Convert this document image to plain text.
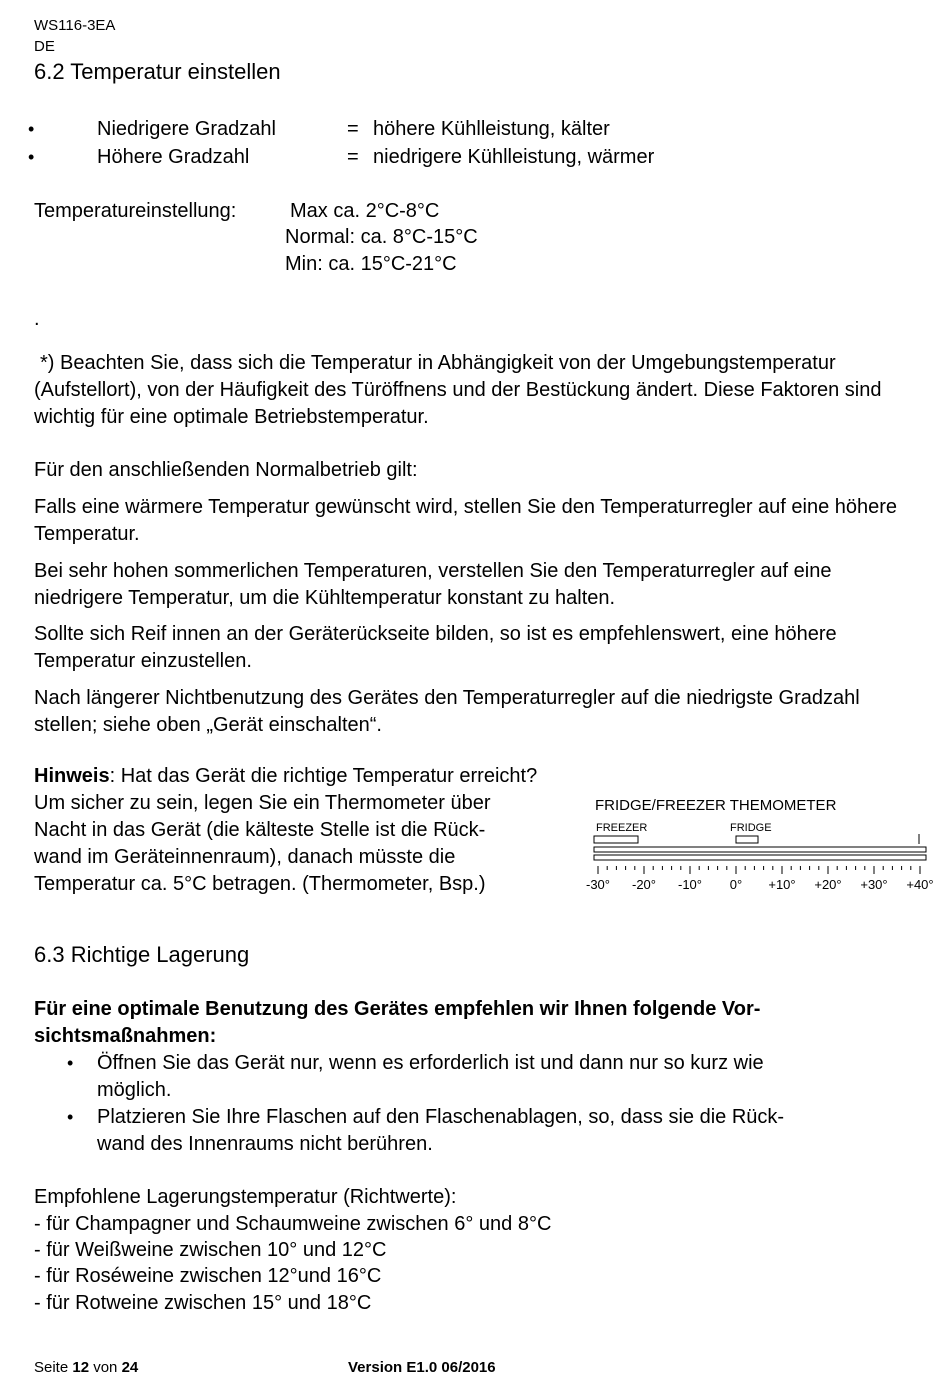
WS116-3EA
DE
6.2 Temperatur einstellen
•	Niedrigere Gradzahl	= höhere Kühlleistung, kälter
•	Höhere Gradzahl	= niedrigere Kühlleistung, wärmer
Temperatureinstellung:	Max ca. 2°C-8°C
Normal: ca. 8°C-15°C
Min: ca. 15°C-21°C
.
*) Beachten Sie, dass sich die Temperatur in Abhängigkeit von der Umgebungstemperatur (Aufstellort), von der Häufigkeit des Türöffnens und der Bestückung ändert. Diese Faktoren sind wichtig für eine optimale Betriebstemperatur.
Für den anschließenden Normalbetrieb gilt:
Falls eine wärmere Temperatur gewünscht wird, stellen Sie den Temperaturregler auf eine höhere Temperatur.
Bei sehr hohen sommerlichen Temperaturen, verstellen Sie den Temperaturregler auf eine niedrigere Temperatur, um die Kühltemperatur konstant zu halten.
Sollte sich Reif innen an der Geräterückseite bilden, so ist es empfehlenswert, eine höhere Temperatur einzustellen.
Nach längerer Nichtbenutzung des Gerätes den Temperaturregler auf die niedrigste Gradzahl stellen; siehe oben „Gerät einschalten“.
Hinweis: Hat das Gerät die richtige Temperatur erreicht?
Um sicher zu sein, legen Sie ein Thermometer über
Nacht in das Gerät (die kälteste Stelle ist die Rück-
wand im Geräteinnenraum), danach müsste die
Temperatur ca. 5°C betragen. (Thermometer, Bsp.)
FRIDGE/FREEZER THEMOMETER
FREEZER	FRIDGE
-30° -20° -10° 0° +10° +20° +30° +40°
6.3 Richtige Lagerung
Für eine optimale Benutzung des Gerätes empfehlen wir Ihnen folgende Vor-
sichtsmaßnahmen:
• Öffnen Sie das Gerät nur, wenn es erforderlich ist und dann nur so kurz wie
möglich.
• Platzieren Sie Ihre Flaschen auf den Flaschenablagen, so, dass sie die Rück-
wand des Innenraums nicht berühren.
Empfohlene Lagerungstemperatur (Richtwerte):
- für Champagner und Schaumweine zwischen 6° und 8°C
- für Weißweine zwischen 10° und 12°C
- für Roséweine zwischen 12°und 16°C
- für Rotweine zwischen 15° und 18°C
Seite 12 von 24	Version E1.0 06/2016
